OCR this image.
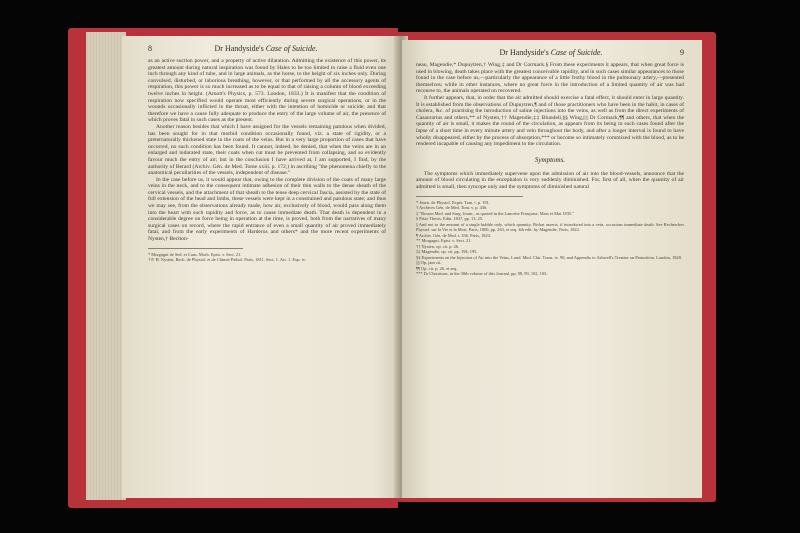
8	Dr Handyside's Case of Suicide.

as an active suction power, and a property of active dilatation. Admitting the existence of this power, its greatest amount during natural inspiration was found by Hales to be too limited to raise a fluid even one inch through any kind of tube, and in large animals, as the horse, to the height of six inches only. During convulsed, disturbed, or laborious breathing, however, or that performed by all the accessory agents of respiration, this power is so much increased as to be equal to that of raising a column of blood exceeding twelve inches in height. (Arnott's Physics, p. 573. London, 1833.) It is manifest that the condition of respiration now specified would operate most efficiently during severe surgical operations, or in the wounds occasionally inflicted in the throat, either with the intention of homicide or suicide; and that therefore we have a cause fully adequate to produce the entry of the large volume of air, the presence of which proves fatal in such cases as the present.

Another reason besides that which I have assigned for the vessels remaining patulous when divided, has been sought for in that morbid condition occasionally found, viz. a state of rigidity, or a preternaturally thickened state in the coats of the veins. But in a very large proportion of cases that have occurred, no such condition has been found. It cannot, indeed, be denied, that when the veins are in an enlarged and indurated state, their coats when cut must be prevented from collapsing, and so evidently favour much the entry of air; but in the conclusion I have arrived at, I am supported, I find, by the authority of Berard (Archiv. Gén. de Med. Tome xxiii. p. 172,) in ascribing "the phenomena chiefly to the anatomical peculiarities of the vessels, independent of disease."

In the case before us, it would appear that, owing to the complete division of the coats of many large veins in the neck, and to the consequent intimate adhesion of their thin walls to the dense sheath of the cervical vessels, and the attachment of that sheath to the tense deep cervical fascia, assisted by the state of full extension of the head and limbs, these vessels were kept in a constrained and patulous state; and thus we may see, from the observations already made, how air, exclusively of blood, would pass along them into the heart with such rapidity and force, as to cause immediate death. That death is dependent in a considerable degree on force being in operation at the time, is proved, both from the narratives of many surgical cases on record, where the rapid entrance of even a small quantity of air proved immediately fatal, and from the early experiments of Harderus and others* and the more recent experiments of Nysten,† Beclton-

* Morgagni de Sed. et Caus. Morb. Epist. v. Sect. 21.

† P. H. Nysten, Rech. de Physiol. et de Chimie Pathol. Paris, 1811. Sect. 1. Art. 1. Exp. iv.

Dr Handyside's Case of Suicide.	9

neau, Magendie,* Dupuytren,† Wing,‡ and Dr Cormack.§ From these experiments it appears, that when great force is used in blowing, death takes place with the greatest conceivable rapidity, and in such cases similar appearances to those found in the case before us,—particularly the appearance of a little frothy blood in the pulmonary artery,—presented themselves; while in other instances, where no great force in the introduction of a limited quantity of air was had recourse to, the animals operated on recovered.

It further appears, that, in order that the air admitted should exercise a fatal effect, it should enter in large quantity. It is established from the observations of Dupuytren,¶ and of those practitioners who have been in the habit, in cases of cholera, &c. of practising the introduction of saline injections into the veins, as well as from the direct experiments of Casaurarius and others,** of Nysten,†† Magendie,‡‡ Blundell,§§ Wing,|||| Dr Cormack,¶¶ and others, that when the quantity of air is small, it makes the round of the circulation, as appears from its being in such cases found after the lapse of a short time in every minute artery and vein throughout the body, and after a longer interval is found to have wholly disappeared, either by the process of absorption,*** or become so intimately commixed with the blood, as to be rendered incapable of causing any impediment to the circulation.

Symptoms.

The symptoms which immediately supervene upon the admission of air into the blood-vessels, announce that the amount of blood circulating in the encephalon is very suddenly diminished. For, first of all, when the quantity of air admitted is small, then syncope only and the symptoms of diminished natural

* Journ. de Physiol. Expér. Tom. i. p. 191.

† Archives Gén. de Med. Tom. v. p. 436.

‡ "Boston Med. and Surg. Journ., as quoted in the Lancette Française, Mars et Mai 1835."

§ Prize Thesis, Edin. 1837, pp. 13, 25.

|| And not to the amount of a single bubble only, which quantity, Bichat asserts, if introduced into a vein, occasions immediate death. See Recherches Physiol. sur la Vie et la Mort, Paris, 1800, pp. 263, et seq. 4th edit. by Magendie, Paris, 1822.

¶ Archiv. Gén. de Med. t. 436. Paris, 1824.

** Morgagni, Epist. v. Sect. 21.

†† Nysten, op. cit. p. 26.

‡‡ Magendie, op. cit. pp. 194, 195.

§§ Experiments on the Injection of Air into the Veins, Lond. Med. Chir. Trans. iv. 90; and Appendix to Ashwell's Treatise on Parturition. London, 1828.

|||| Op. jam cit.

¶¶ Op. cit. p. 26, et seq.

*** Dr Christison, in the 30th volume of this Journal, pp. 98, 99, 102, 103.
